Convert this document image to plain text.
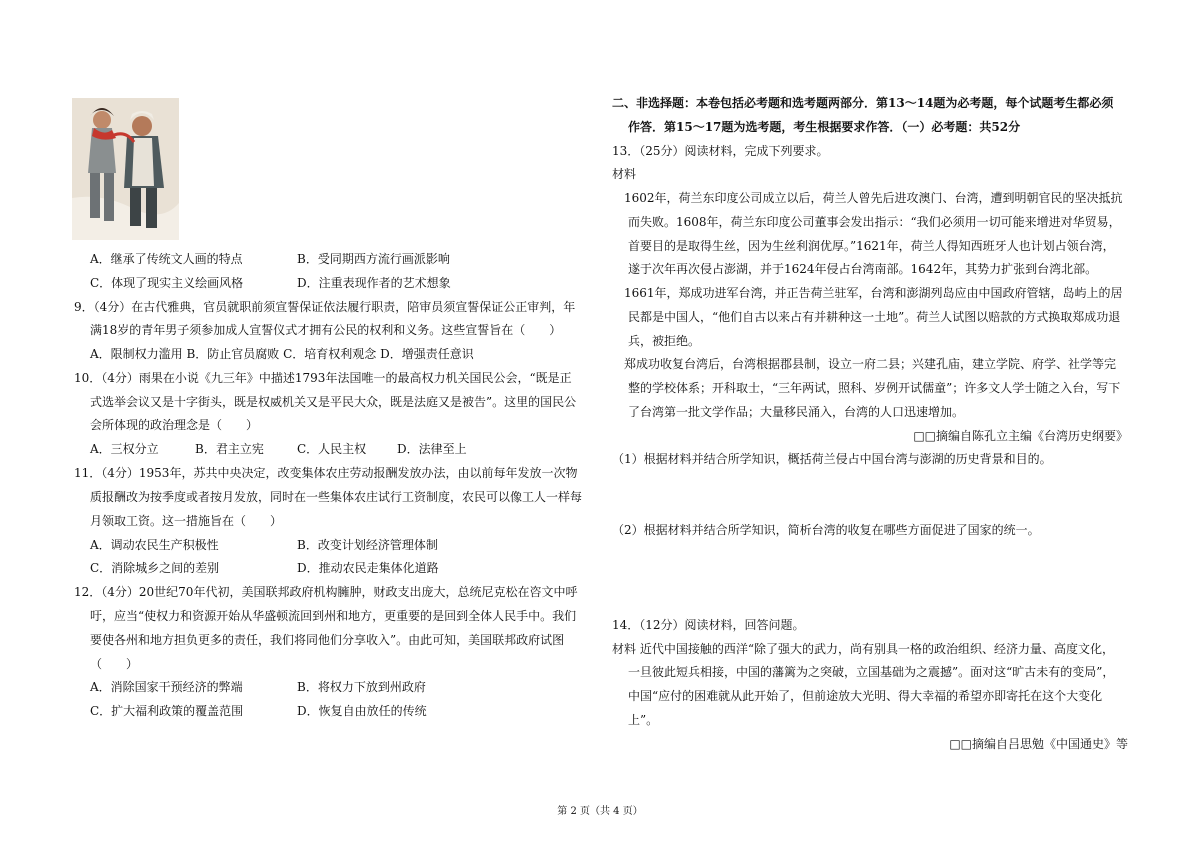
A．继承了传统文人画的特点	B．受同期西方流行画派影响
C．体现了现实主义绘画风格	D．注重表现作者的艺术想象
9．（4分）在古代雅典，官员就职前须宣誓保证依法履行职责，陪审员须宣誓保证公正审判，年
满18岁的青年男子须参加成人宣誓仪式才拥有公民的权利和义务。这些宣誓旨在（　　）
A．限制权力滥用 B．防止官员腐败 C．培育权利观念 D．增强责任意识
10．（4分）雨果在小说《九三年》中描述1793年法国唯一的最高权力机关国民公会，“既是正
式选举会议又是十字街头，既是权威机关又是平民大众，既是法庭又是被告”。这里的国民公
会所体现的政治理念是（　　）
A．三权分立	B．君主立宪	C．人民主权	D．法律至上
11．（4分）1953年，苏共中央决定，改变集体农庄劳动报酬发放办法，由以前每年发放一次物
质报酬改为按季度或者按月发放，同时在一些集体农庄试行工资制度，农民可以像工人一样每
月领取工资。这一措施旨在（　　）
A．调动农民生产积极性	B．改变计划经济管理体制
C．消除城乡之间的差别	D．推动农民走集体化道路
12．（4分）20世纪70年代初，美国联邦政府机构臃肿，财政支出庞大，总统尼克松在咨文中呼
吁，应当“使权力和资源开始从华盛顿流回到州和地方，更重要的是回到全体人民手中。我们
要使各州和地方担负更多的责任，我们将同他们分享收入”。由此可知，美国联邦政府试图
（　　）
A．消除国家干预经济的弊端	B．将权力下放到州政府
C．扩大福利政策的覆盖范围	D．恢复自由放任的传统
二、非选择题：本卷包括必考题和选考题两部分．第13～14题为必考题，每个试题考生都必须
作答．第15～17题为选考题，考生根据要求作答．（一）必考题：共52分
13．（25分）阅读材料，完成下列要求。
材料
1602年，荷兰东印度公司成立以后，荷兰人曾先后进攻澳门、台湾，遭到明朝官民的坚决抵抗
而失败。1608年，荷兰东印度公司董事会发出指示：“我们必须用一切可能来增进对华贸易，
首要目的是取得生丝，因为生丝利润优厚。”1621年，荷兰人得知西班牙人也计划占领台湾，
遂于次年再次侵占澎湖，并于1624年侵占台湾南部。1642年，其势力扩张到台湾北部。
1661年，郑成功进军台湾，并正告荷兰驻军，台湾和澎湖列岛应由中国政府管辖，岛屿上的居
民都是中国人，“他们自古以来占有并耕种这一土地”。荷兰人试图以赔款的方式换取郑成功退
兵，被拒绝。
郑成功收复台湾后，台湾根据郡县制，设立一府二县；兴建孔庙，建立学院、府学、社学等完
整的学校体系；开科取士，“三年两试，照科、岁例开试儒童”；许多文人学士随之入台，写下
了台湾第一批文学作品；大量移民涌入，台湾的人口迅速增加。
□□摘编自陈孔立主编《台湾历史纲要》
（1）根据材料并结合所学知识，概括荷兰侵占中国台湾与澎湖的历史背景和目的。
（2）根据材料并结合所学知识，简析台湾的收复在哪些方面促进了国家的统一。
14．（12分）阅读材料，回答问题。
材料 近代中国接触的西洋“除了强大的武力，尚有别具一格的政治组织、经济力量、高度文化，
一旦彼此短兵相接，中国的藩篱为之突破，立国基础为之震撼”。面对这“旷古未有的变局”，
中国“应付的困难就从此开始了，但前途放大光明、得大幸福的希望亦即寄托在这个大变化
上”。
□□摘编自吕思勉《中国通史》等
第 2 页（共 4 页）
